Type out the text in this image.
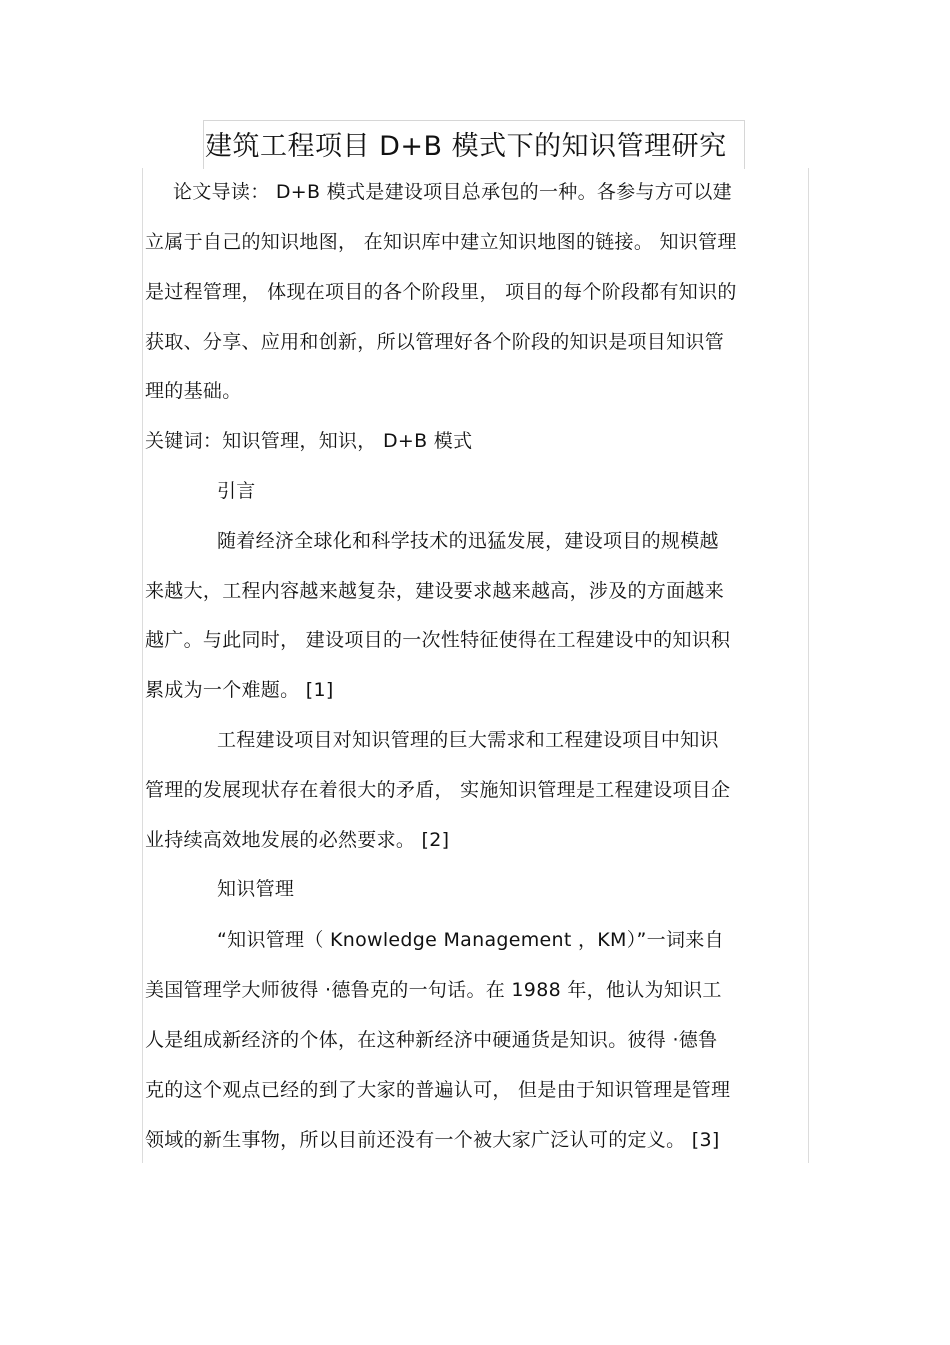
建筑工程项目 D+B 模式下的知识管理研究
论文导读： D+B 模式是建设项目总承包的一种。各参与方可以建
立属于自己的知识地图， 在知识库中建立知识地图的链接。 知识管理
是过程管理， 体现在项目的各个阶段里， 项目的每个阶段都有知识的
获取、分享、应用和创新，所以管理好各个阶段的知识是项目知识管
理的基础。
关键词：知识管理，知识， D+B 模式
引言
随着经济全球化和科学技术的迅猛发展，建设项目的规模越
来越大，工程内容越来越复杂，建设要求越来越高，涉及的方面越来
越广。与此同时， 建设项目的一次性特征使得在工程建设中的知识积
累成为一个难题。 [1]
工程建设项目对知识管理的巨大需求和工程建设项目中知识
管理的发展现状存在着很大的矛盾， 实施知识管理是工程建设项目企
业持续高效地发展的必然要求。 [2]
知识管理
“知识管理（ Knowledge Management ，KM）”一词来自
美国管理学大师彼得 ·德鲁克的一句话。在 1988 年，他认为知识工
人是组成新经济的个体，在这种新经济中硬通货是知识。彼得 ·德鲁
克的这个观点已经的到了大家的普遍认可， 但是由于知识管理是管理
领域的新生事物，所以目前还没有一个被大家广泛认可的定义。 [3]
